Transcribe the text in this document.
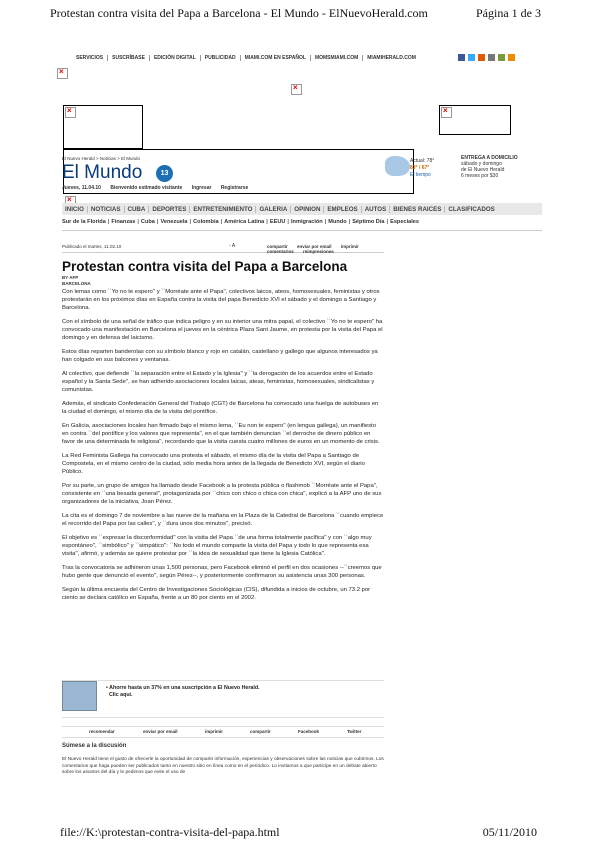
Protestan contra visita del Papa a Barcelona - El Mundo - ElNuevoHerald.com	Página 1 de 3
SERVICIOS	SUSCRÍBASE	EDICIÓN DIGITAL	PUBLICIDAD	MIAMI.COM EN ESPAÑOL	MOMSMIAMI.COM	MIAMIHERALD.COM
×
×
×
×
×
El Nuevo Herald > Noticias > El Mundo
El Mundo	13
Jueves, 11.04.10 Bienvenido estimado visitante Ingresar Registrarse
Actual: 78°
83° / 67°
El tiempo
ENTREGA A DOMICILIO
sábado y domingo
de El Nuevo Herald
6 meses por $30
INICIO	NOTICIAS	CUBA	DEPORTES	ENTRETENIMIENTO	GALERIA	OPINION	EMPLEOS	AUTOS	BIENES RAICES	CLASIFICADOS
Sur de la Florida | Finanzas | Cuba | Venezuela | Colombia | América Latina | EEUU | Inmigración | Mundo | Séptimo Día | Especiales
Publicado el martes, 11.02.10	▫ A	compartir enviar por email imprimir comentarios reimpresiones
Protestan contra visita del Papa a Barcelona
BY AFP
BARCELONA

Con lemas como ``Yo no te espero'' y ``Morréate ante el Papa'', colectivos laicos, ateos, homosexuales, feministas y otros protestarán en los próximos días en España contra la visita del papa Benedicto XVI el sábado y el domingo a Santiago y Barcelona.

Con el símbolo de una señal de tráfico que indica peligro y en su interior una mitra papal, el colectivo ``Yo no te espero'' ha convocado una manifestación en Barcelona el jueves en la céntrica Plaza Sant Jaume, en protesta por la visita del Papa el domingo y en defensa del laicismo.

Estos días reparten banderolas con su símbolo blanco y rojo en catalán, castellano y gallego que algunos interesados ya han colgado en sus balcones y ventanas.

Al colectivo, que defiende ``la separación entre el Estado y la Iglesia'' y ``la derogación de los acuerdos entre el Estado español y la Santa Sede'', se han adherido asociaciones locales laicas, ateas, feministas, homosexuales, sindicalistas y comunistas.

Además, el sindicato Confederación General del Trabajo (CGT) de Barcelona ha convocado una huelga de autobuses en la ciudad el domingo, el mismo día de la visita del pontífice.

En Galicia, asociaciones locales han firmado bajo el mismo lema, ``Eu non te espero'' (en lengua gallega), un manifiesto en contra ``del pontífice y los valores que representa'', en el que también denuncian ``el derroche de dinero público en favor de una determinada fe religiosa'', recordando que la visita cuesta cuatro millones de euros en un momento de crisis.

La Red Feminista Gallega ha convocado una protesta el sábado, el mismo día de la visita del Papa a Santiago de Compostela, en el mismo centro de la ciudad, sólo media hora antes de la llegada de Benedicto XVI, según el diario Público.

Por su parte, un grupo de amigos ha llamado desde Facebook a la protesta pública o flashmob ``Morréate ante el Papa'', consistente en ``una besada general'', protagonizada por ``chico con chico o chica con chica'', explicó a la AFP uno de sus organizadores de la iniciativa, Joan Pérez.

La cita es el domingo 7 de noviembre a las nueve de la mañana en la Plaza de la Catedral de Barcelona ``cuando empiece el recorrido del Papa por las calles'', y ``dura unos dos minutos'', precisó.

El objetivo es ``expresar la disconformidad'' con la visita del Papa ``de una forma totalmente pacífica'' y con ``algo muy espontáneo'', ``simbólico'' y ``simpático'': ``No todo el mundo comparte la visita del Papa y todo lo que representa esa visita'', afirmó, y además se quiere protestar por ``la idea de sexualidad que tiene la Iglesia Católica''.

Tras la convocatoria se adhirieron unas 1,500 personas, pero Facebook eliminó el perfil en dos ocasiones --``creemos que hubo gente que denunció el evento'', según Pérez--, y posteriormente confirmaron su asistencia unas 300 personas.

Según la última encuesta del Centro de Investigaciones Sociológicas (CIS), difundida a inicios de octubre, un 73.2 por ciento se declara católico en España, frente a un 80 por ciento en el 2002.

• Ahorre hasta un 37% en una suscripción a El Nuevo Herald.
Clic aquí.
recomendar	enviar por email	imprimir	compartir	Facebook	Twitter
Súmese a la discusión
El Nuevo Herald tiene el gusto de ofrecerle la oportunidad de compartir información, experiencias y observaciones sobre las noticias que cubrimos. Los comentarios que haga pueden ser publicados tanto en nuestro sitio en línea como en el periódico. Lo invitamos a que participe en un debate abierto sobre los asuntos del día y le pedimos que evite el uso de
file://K:\protestan-contra-visita-del-papa.html	05/11/2010
